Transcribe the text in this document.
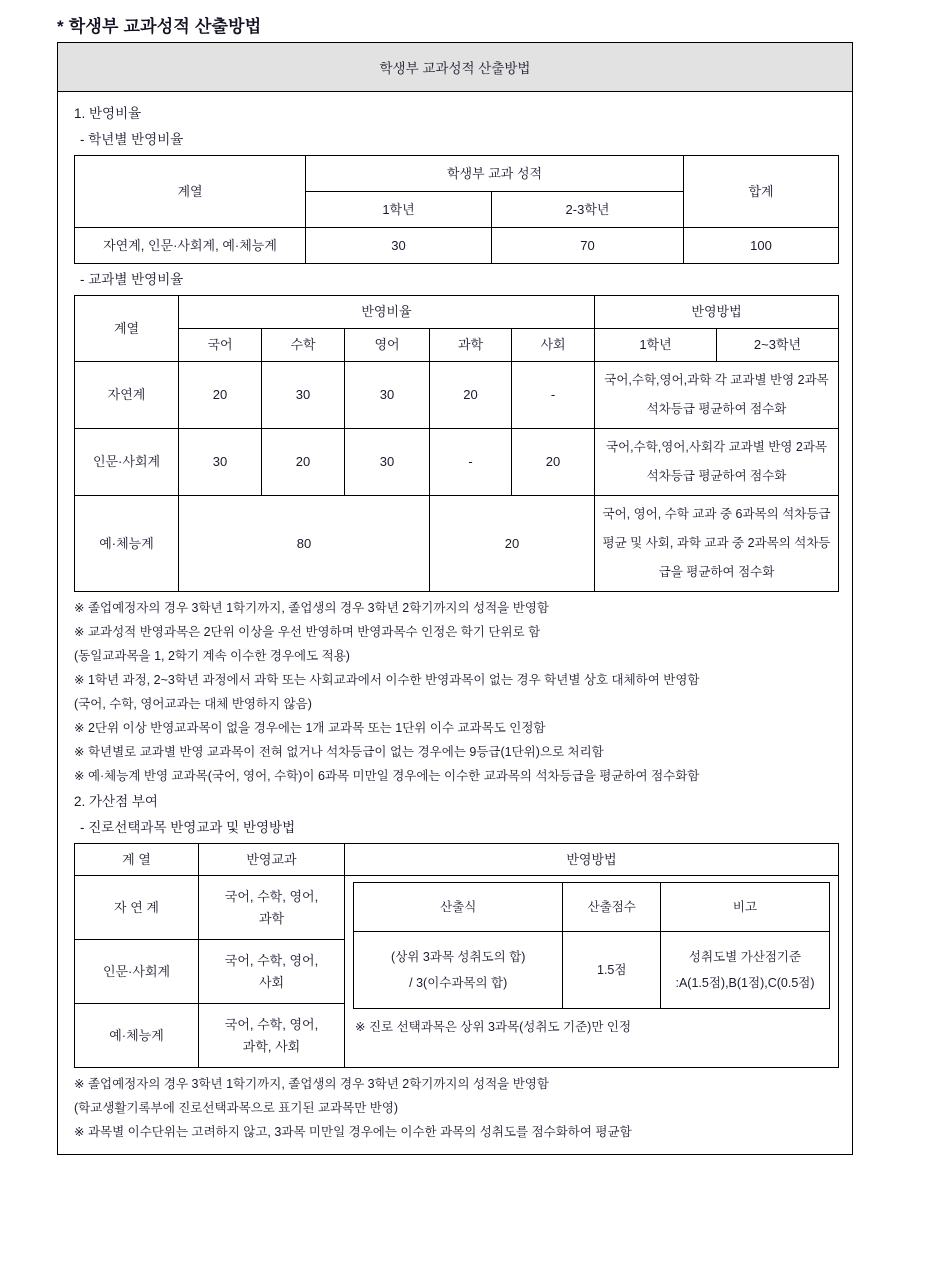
* 학생부 교과성적 산출방법
학생부 교과성적 산출방법
1. 반영비율
- 학년별 반영비율
계열	학생부 교과 성적		합계
	1학년	2-3학년	
자연계, 인문·사회계, 예·체능계	30	70	100
- 교과별 반영비율
계열	반영비율					반영방법	
	국어	수학	영어	과학	사회	1학년	2~3학년
자연계	20	30	30	20	-	국어,수학,영어,과학 각 교과별 반영 2과목 석차등급 평균하여 점수화	
인문·사회계	30	20	30	-	20	국어,수학,영어,사회각 교과별 반영 2과목 석차등급 평균하여 점수화	
예·체능계	80			20		국어, 영어, 수학 교과 중 6과목의 석차등급 평균 및 사회, 과학 교과 중 2과목의 석차등급을 평균하여 점수화	
※ 졸업예정자의 경우 3학년 1학기까지, 졸업생의 경우 3학년 2학기까지의 성적을 반영함
※ 교과성적 반영과목은 2단위 이상을 우선 반영하며 반영과목수 인정은 학기 단위로 함
(동일교과목을 1, 2학기 계속 이수한 경우에도 적용)
※ 1학년 과정, 2~3학년 과정에서 과학 또는 사회교과에서 이수한 반영과목이 없는 경우 학년별 상호 대체하여 반영함
(국어, 수학, 영어교과는 대체 반영하지 않음)
※ 2단위 이상 반영교과목이 없을 경우에는 1개 교과목 또는 1단위 이수 교과목도 인정함
※ 학년별로 교과별 반영 교과목이 전혀 없거나 석차등급이 없는 경우에는 9등급(1단위)으로 처리함
※ 예·체능계 반영 교과목(국어, 영어, 수학)이 6과목 미만일 경우에는 이수한 교과목의 석차등급을 평균하여 점수화함
2. 가산점 부여
- 진로선택과목 반영교과 및 반영방법
계 열	반영교과	반영방법
자 연 계	국어, 수학, 영어,
과학	
산출식	산출점수	비고
(상위 3과목 성취도의 합)
/ 3(이수과목의 합)	1.5점	성취도별 가산점기준
:A(1.5점),B(1점),C(0.5점)
※ 진로 선택과목은 상위 3과목(성취도 기준)만 인정

인문·사회계	국어, 수학, 영어,
사회
예·체능계	국어, 수학, 영어,
과학, 사회
※ 졸업예정자의 경우 3학년 1학기까지, 졸업생의 경우 3학년 2학기까지의 성적을 반영함
(학교생활기록부에 진로선택과목으로 표기된 교과목만 반영)
※ 과목별 이수단위는 고려하지 않고, 3과목 미만일 경우에는 이수한 과목의 성취도를 점수화하여 평균함
